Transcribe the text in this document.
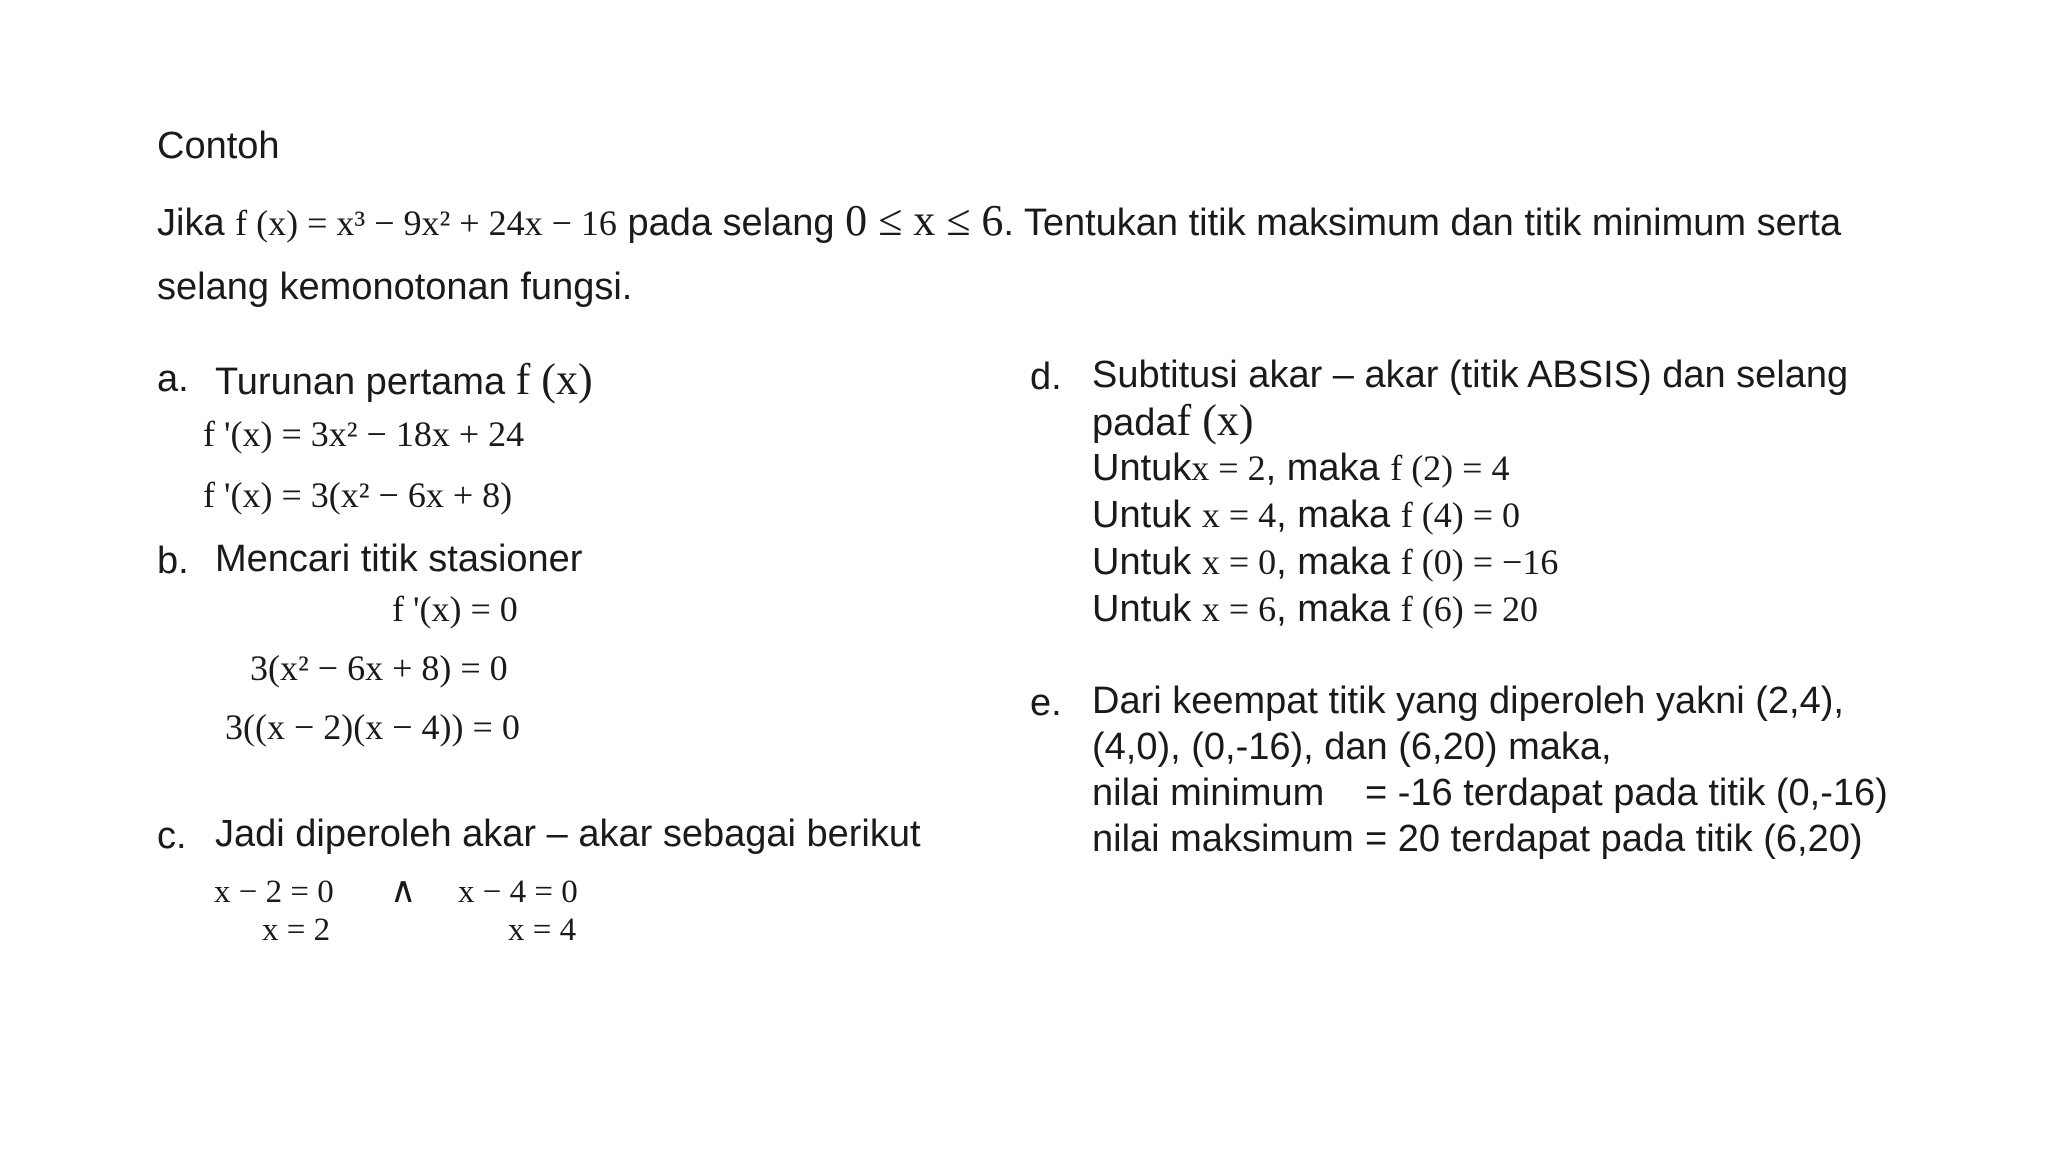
Contoh
Jika f (x) = x³ − 9x² + 24x − 16 pada selang 0 ≤ x ≤ 6. Tentukan titik maksimum dan titik minimum serta
selang kemonotonan fungsi.
a. Turunan pertama f (x)
f '(x) = 3x² − 18x + 24
f '(x) = 3(x² − 6x + 8)
b. Mencari titik stasioner
f '(x) = 0
3(x² − 6x + 8) = 0
3((x − 2)(x − 4)) = 0
c. Jadi diperoleh akar – akar sebagai berikut
x − 2 = 0
x = 2
∧ x − 4 = 0
x = 4
d. Subtitusi akar – akar (titik ABSIS) dan selang
padaf (x)
Untukx = 2, maka f (2) = 4
Untuk x = 4, maka f (4) = 0
Untuk x = 0, maka f (0) = −16
Untuk x = 6, maka f (6) = 20
e. Dari keempat titik yang diperoleh yakni (2,4),
(4,0), (0,-16), dan (6,20) maka,
nilai minimum = -16 terdapat pada titik (0,-16)
nilai maksimum = 20 terdapat pada titik (6,20)
